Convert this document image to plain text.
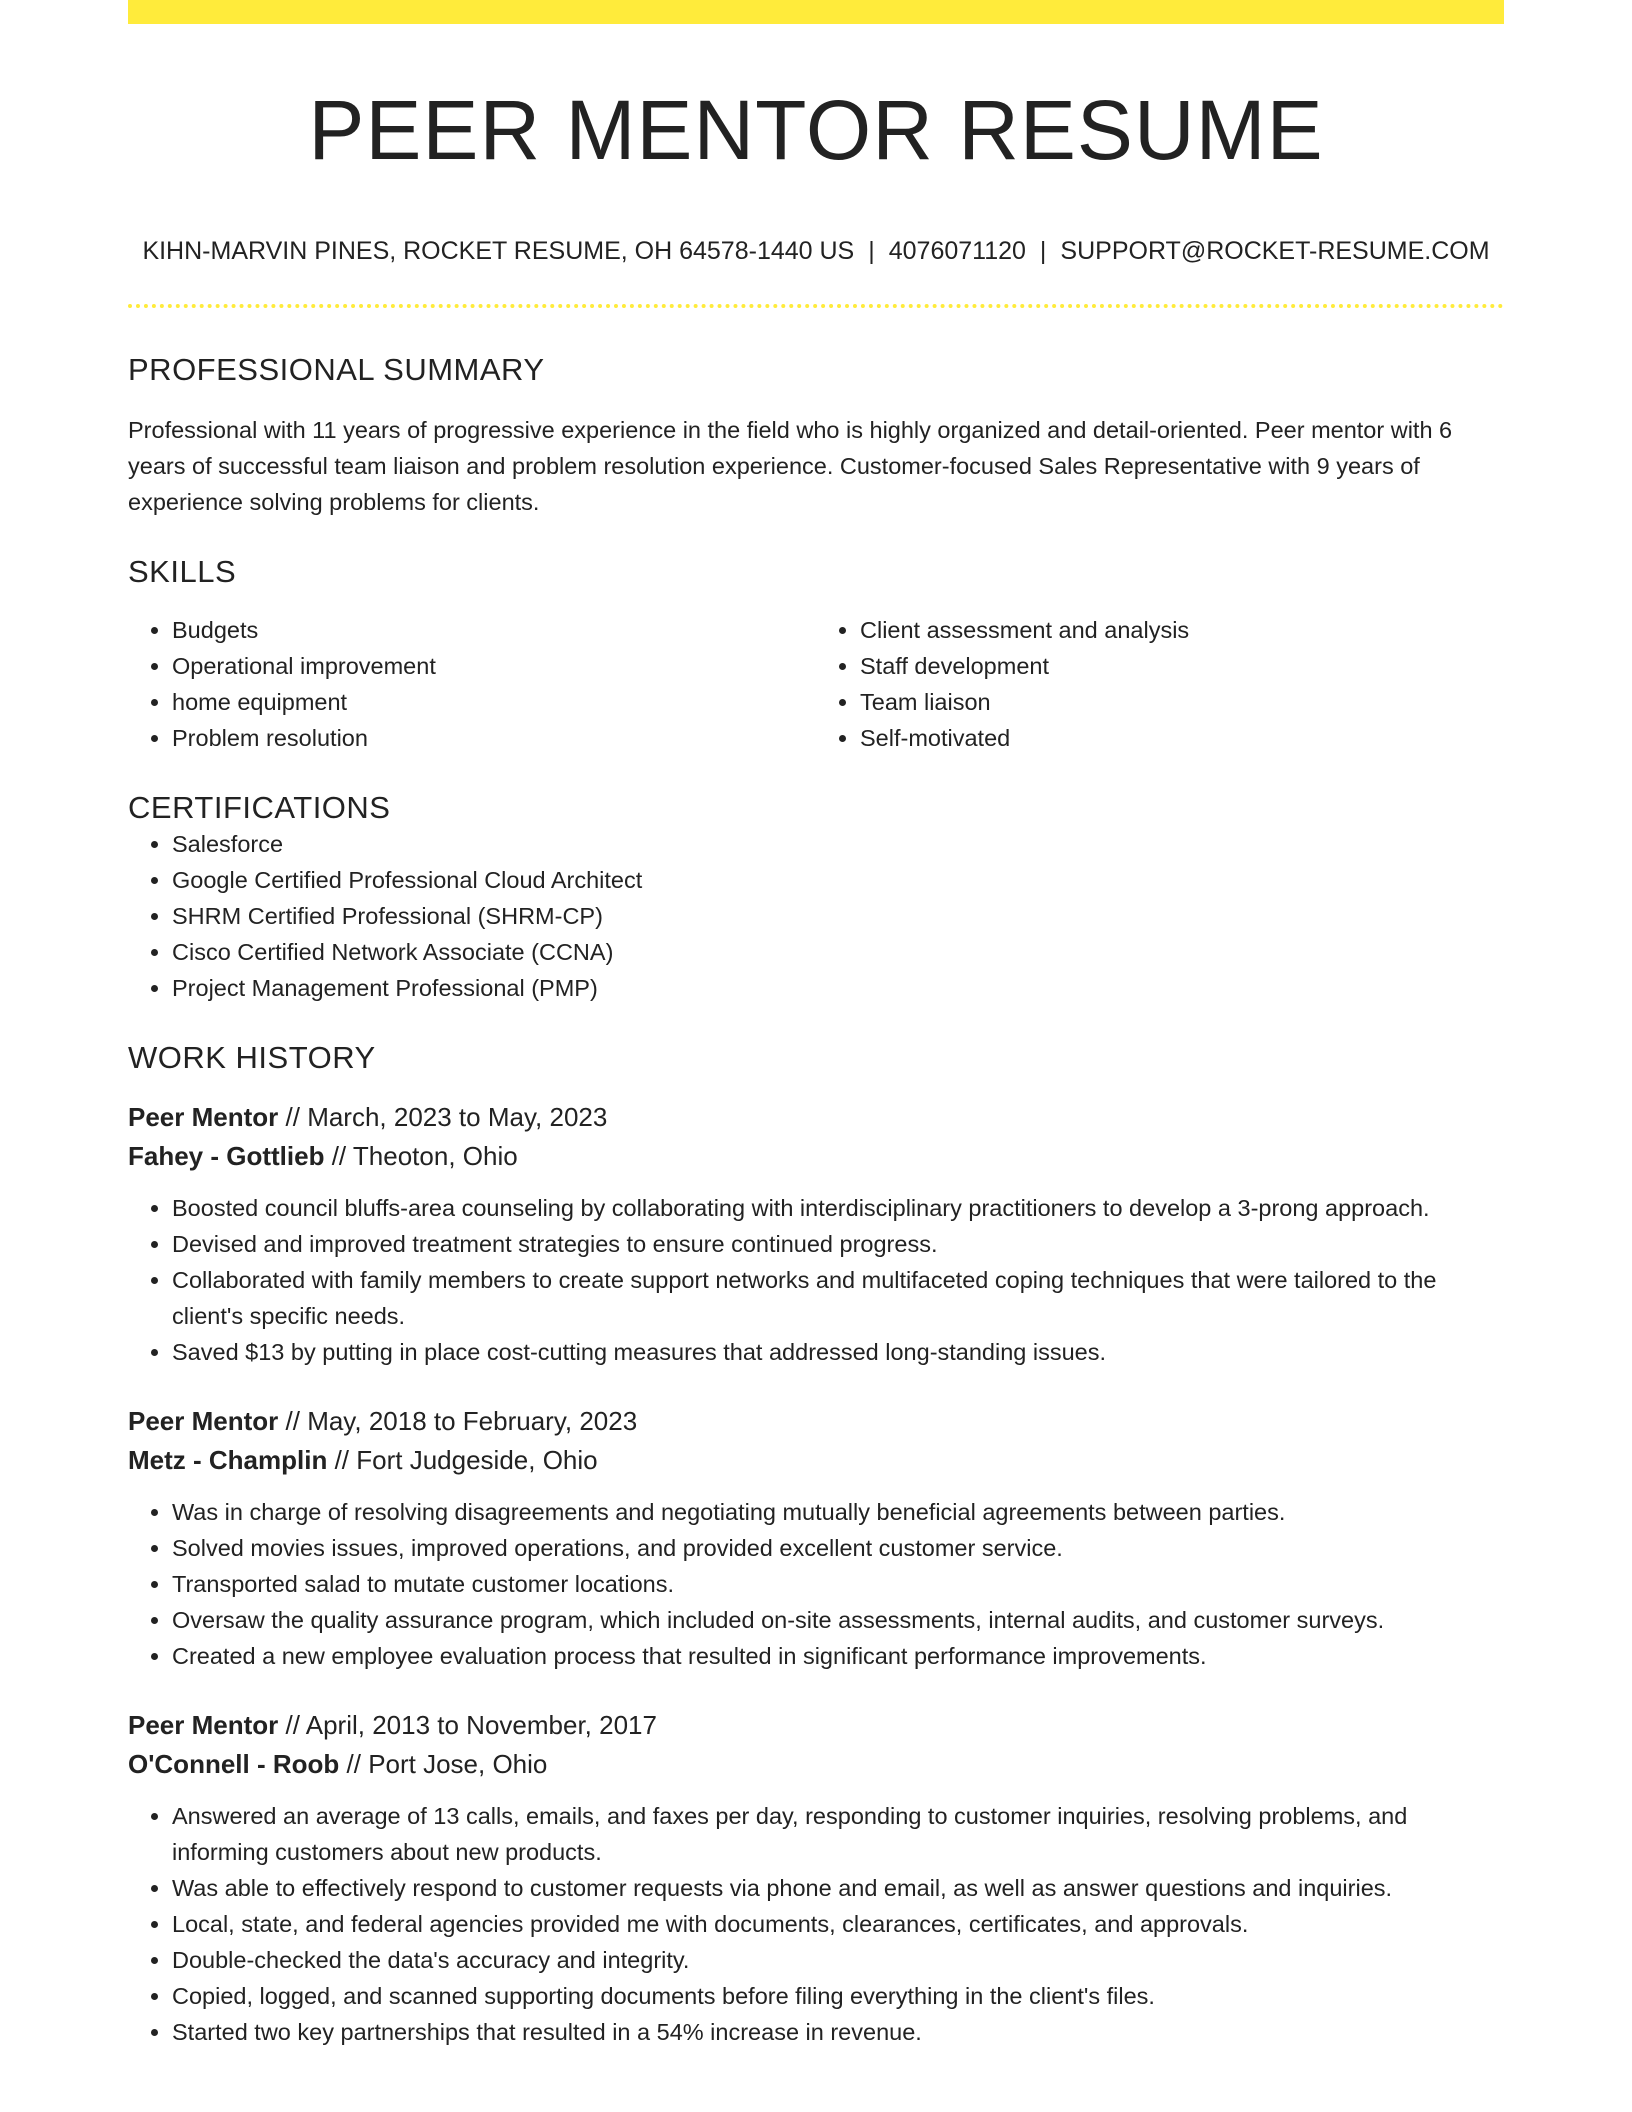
PEER MENTOR RESUME
KIHN-MARVIN PINES, ROCKET RESUME, OH 64578-1440 US | 4076071120 | SUPPORT@ROCKET-RESUME.COM
PROFESSIONAL SUMMARY

Professional with 11 years of progressive experience in the field who is highly organized and detail-oriented. Peer mentor with 6 years of successful team liaison and problem resolution experience. Customer-focused Sales Representative with 9 years of experience solving problems for clients.

SKILLS
• Budgets
• Operational improvement
• home equipment
• Problem resolution
• Client assessment and analysis
• Staff development
• Team liaison
• Self-motivated
CERTIFICATIONS
• Salesforce
• Google Certified Professional Cloud Architect
• SHRM Certified Professional (SHRM-CP)
• Cisco Certified Network Associate (CCNA)
• Project Management Professional (PMP)
WORK HISTORY
Peer Mentor // March, 2023 to May, 2023
Fahey - Gottlieb // Theoton, Ohio
• Boosted council bluffs-area counseling by collaborating with interdisciplinary practitioners to develop a 3-prong approach.
• Devised and improved treatment strategies to ensure continued progress.
• Collaborated with family members to create support networks and multifaceted coping techniques that were tailored to the client's specific needs.
• Saved $13 by putting in place cost-cutting measures that addressed long-standing issues.
Peer Mentor // May, 2018 to February, 2023
Metz - Champlin // Fort Judgeside, Ohio
• Was in charge of resolving disagreements and negotiating mutually beneficial agreements between parties.
• Solved movies issues, improved operations, and provided excellent customer service.
• Transported salad to mutate customer locations.
• Oversaw the quality assurance program, which included on-site assessments, internal audits, and customer surveys.
• Created a new employee evaluation process that resulted in significant performance improvements.
Peer Mentor // April, 2013 to November, 2017
O'Connell - Roob // Port Jose, Ohio
• Answered an average of 13 calls, emails, and faxes per day, responding to customer inquiries, resolving problems, and informing customers about new products.
• Was able to effectively respond to customer requests via phone and email, as well as answer questions and inquiries.
• Local, state, and federal agencies provided me with documents, clearances, certificates, and approvals.
• Double-checked the data's accuracy and integrity.
• Copied, logged, and scanned supporting documents before filing everything in the client's files.
• Started two key partnerships that resulted in a 54% increase in revenue.
